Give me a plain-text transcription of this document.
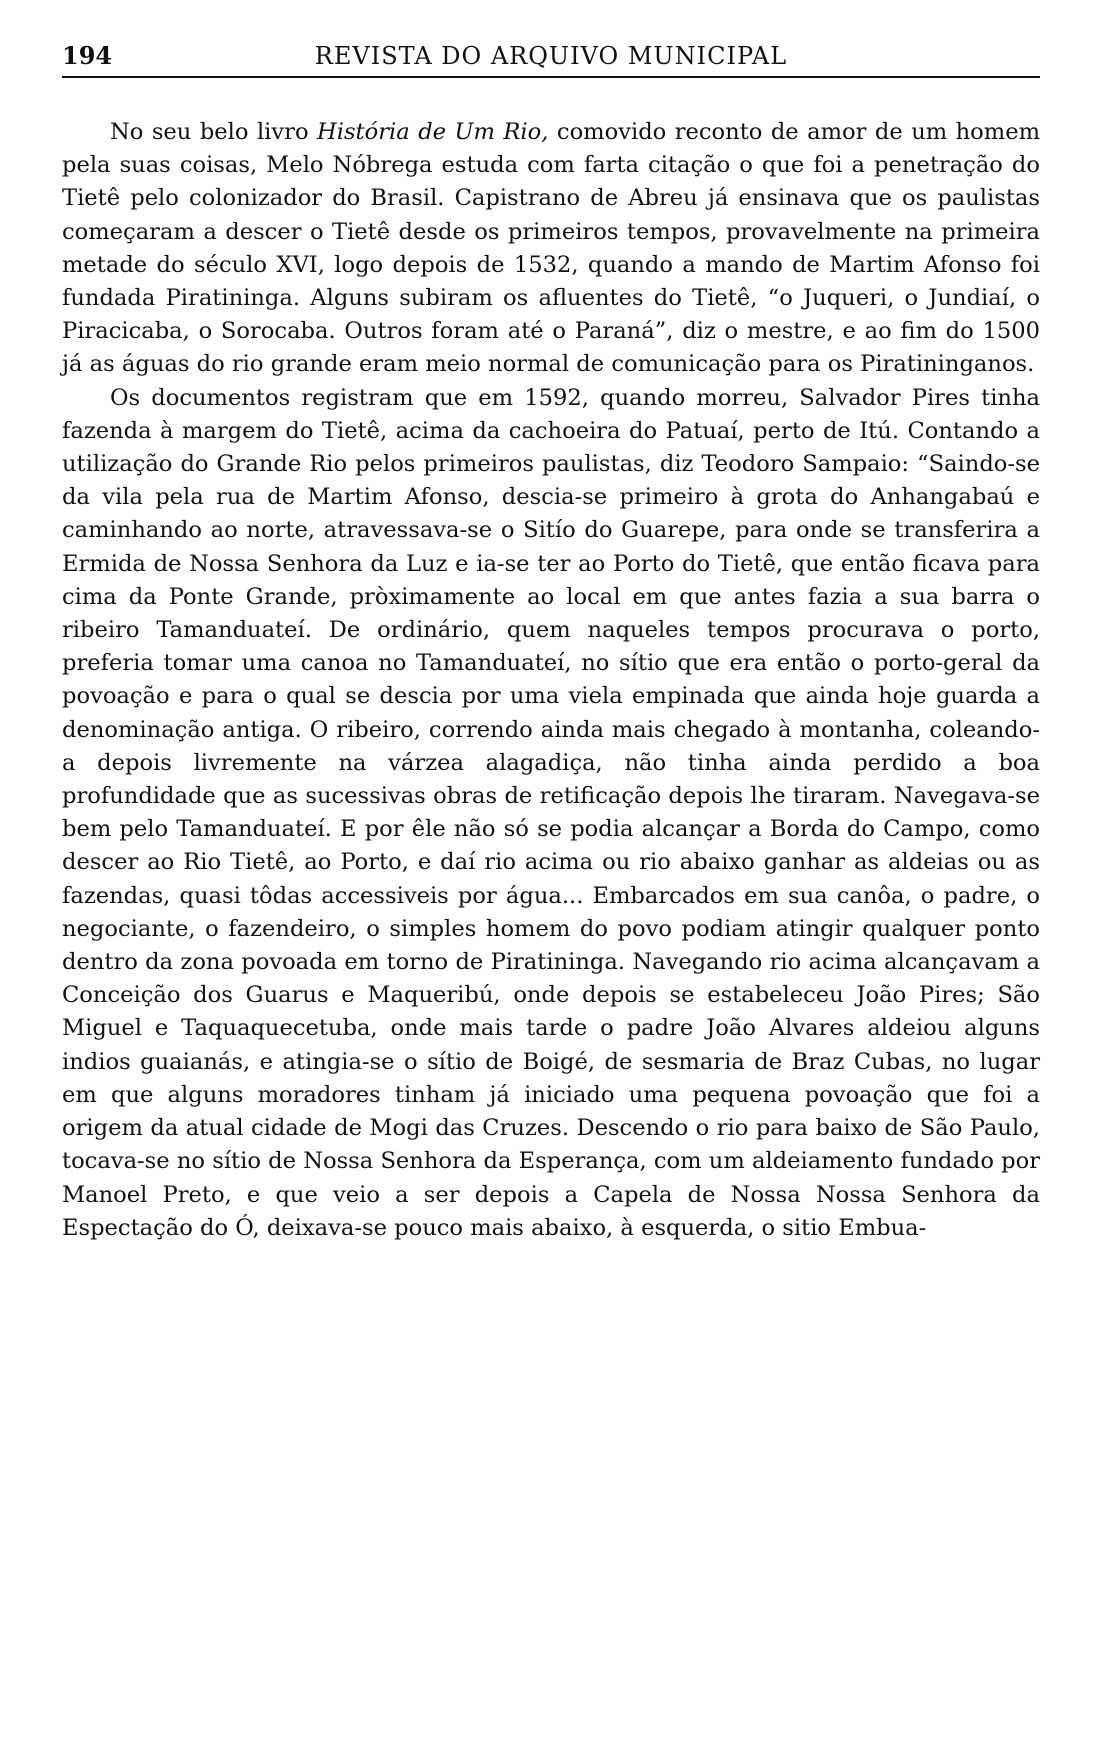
194	REVISTA DO ARQUIVO MUNICIPAL

No seu belo livro História de Um Rio, comovido reconto de amor de um homem pela suas coisas, Melo Nóbrega estuda com farta citação o que foi a penetração do Tietê pelo colonizador do Brasil. Capistrano de Abreu já ensinava que os paulistas começaram a descer o Tietê desde os primeiros tempos, provavelmente na primeira metade do século XVI, logo depois de 1532, quando a mando de Martim Afonso foi fundada Piratininga. Alguns subiram os afluentes do Tietê, “o Juqueri, o Jundiaí, o Piracicaba, o Sorocaba. Outros foram até o Paraná”, diz o mestre, e ao fim do 1500 já as águas do rio grande eram meio normal de comunicação para os Piratininganos.

Os documentos registram que em 1592, quando morreu, Salvador Pires tinha fazenda à margem do Tietê, acima da cachoeira do Patuaí, perto de Itú. Contando a utilização do Grande Rio pelos primeiros paulistas, diz Teodoro Sampaio: “Saindo-se da vila pela rua de Martim Afonso, descia-se primeiro à grota do Anhangabaú e caminhando ao norte, atravessava-se o Sitío do Guarepe, para onde se transferira a Ermida de Nossa Senhora da Luz e ia-se ter ao Porto do Tietê, que então ficava para cima da Ponte Grande, pròximamente ao local em que antes fazia a sua barra o ribeiro Tamanduateí. De ordinário, quem naqueles tempos procurava o porto, preferia tomar uma canoa no Tamanduateí, no sítio que era então o porto-geral da povoação e para o qual se descia por uma viela empinada que ainda hoje guarda a denominação antiga. O ribeiro, correndo ainda mais chegado à montanha, coleando-a depois livremente na várzea alagadiça, não tinha ainda perdido a boa profundidade que as sucessivas obras de retificação depois lhe tiraram. Navegava-se bem pelo Tamanduateí. E por êle não só se podia alcançar a Borda do Campo, como descer ao Rio Tietê, ao Porto, e daí rio acima ou rio abaixo ganhar as aldeias ou as fazendas, quasi tôdas accessiveis por água... Embarcados em sua canôa, o padre, o negociante, o fazendeiro, o simples homem do povo podiam atingir qualquer ponto dentro da zona povoada em torno de Piratininga. Navegando rio acima alcançavam a Conceição dos Guarus e Maqueribú, onde depois se estabeleceu João Pires; São Miguel e Taquaquecetuba, onde mais tarde o padre João Alvares aldeiou alguns indios guaianás, e atingia-se o sítio de Boigé, de sesmaria de Braz Cubas, no lugar em que alguns moradores tinham já iniciado uma pequena povoação que foi a origem da atual cidade de Mogi das Cruzes. Descendo o rio para baixo de São Paulo, tocava-se no sítio de Nossa Senhora da Esperança, com um aldeiamento fundado por Manoel Preto, e que veio a ser depois a Capela de Nossa Nossa Senhora da Espectação do Ó, deixava-se pouco mais abaixo, à esquerda, o sitio Embua-
